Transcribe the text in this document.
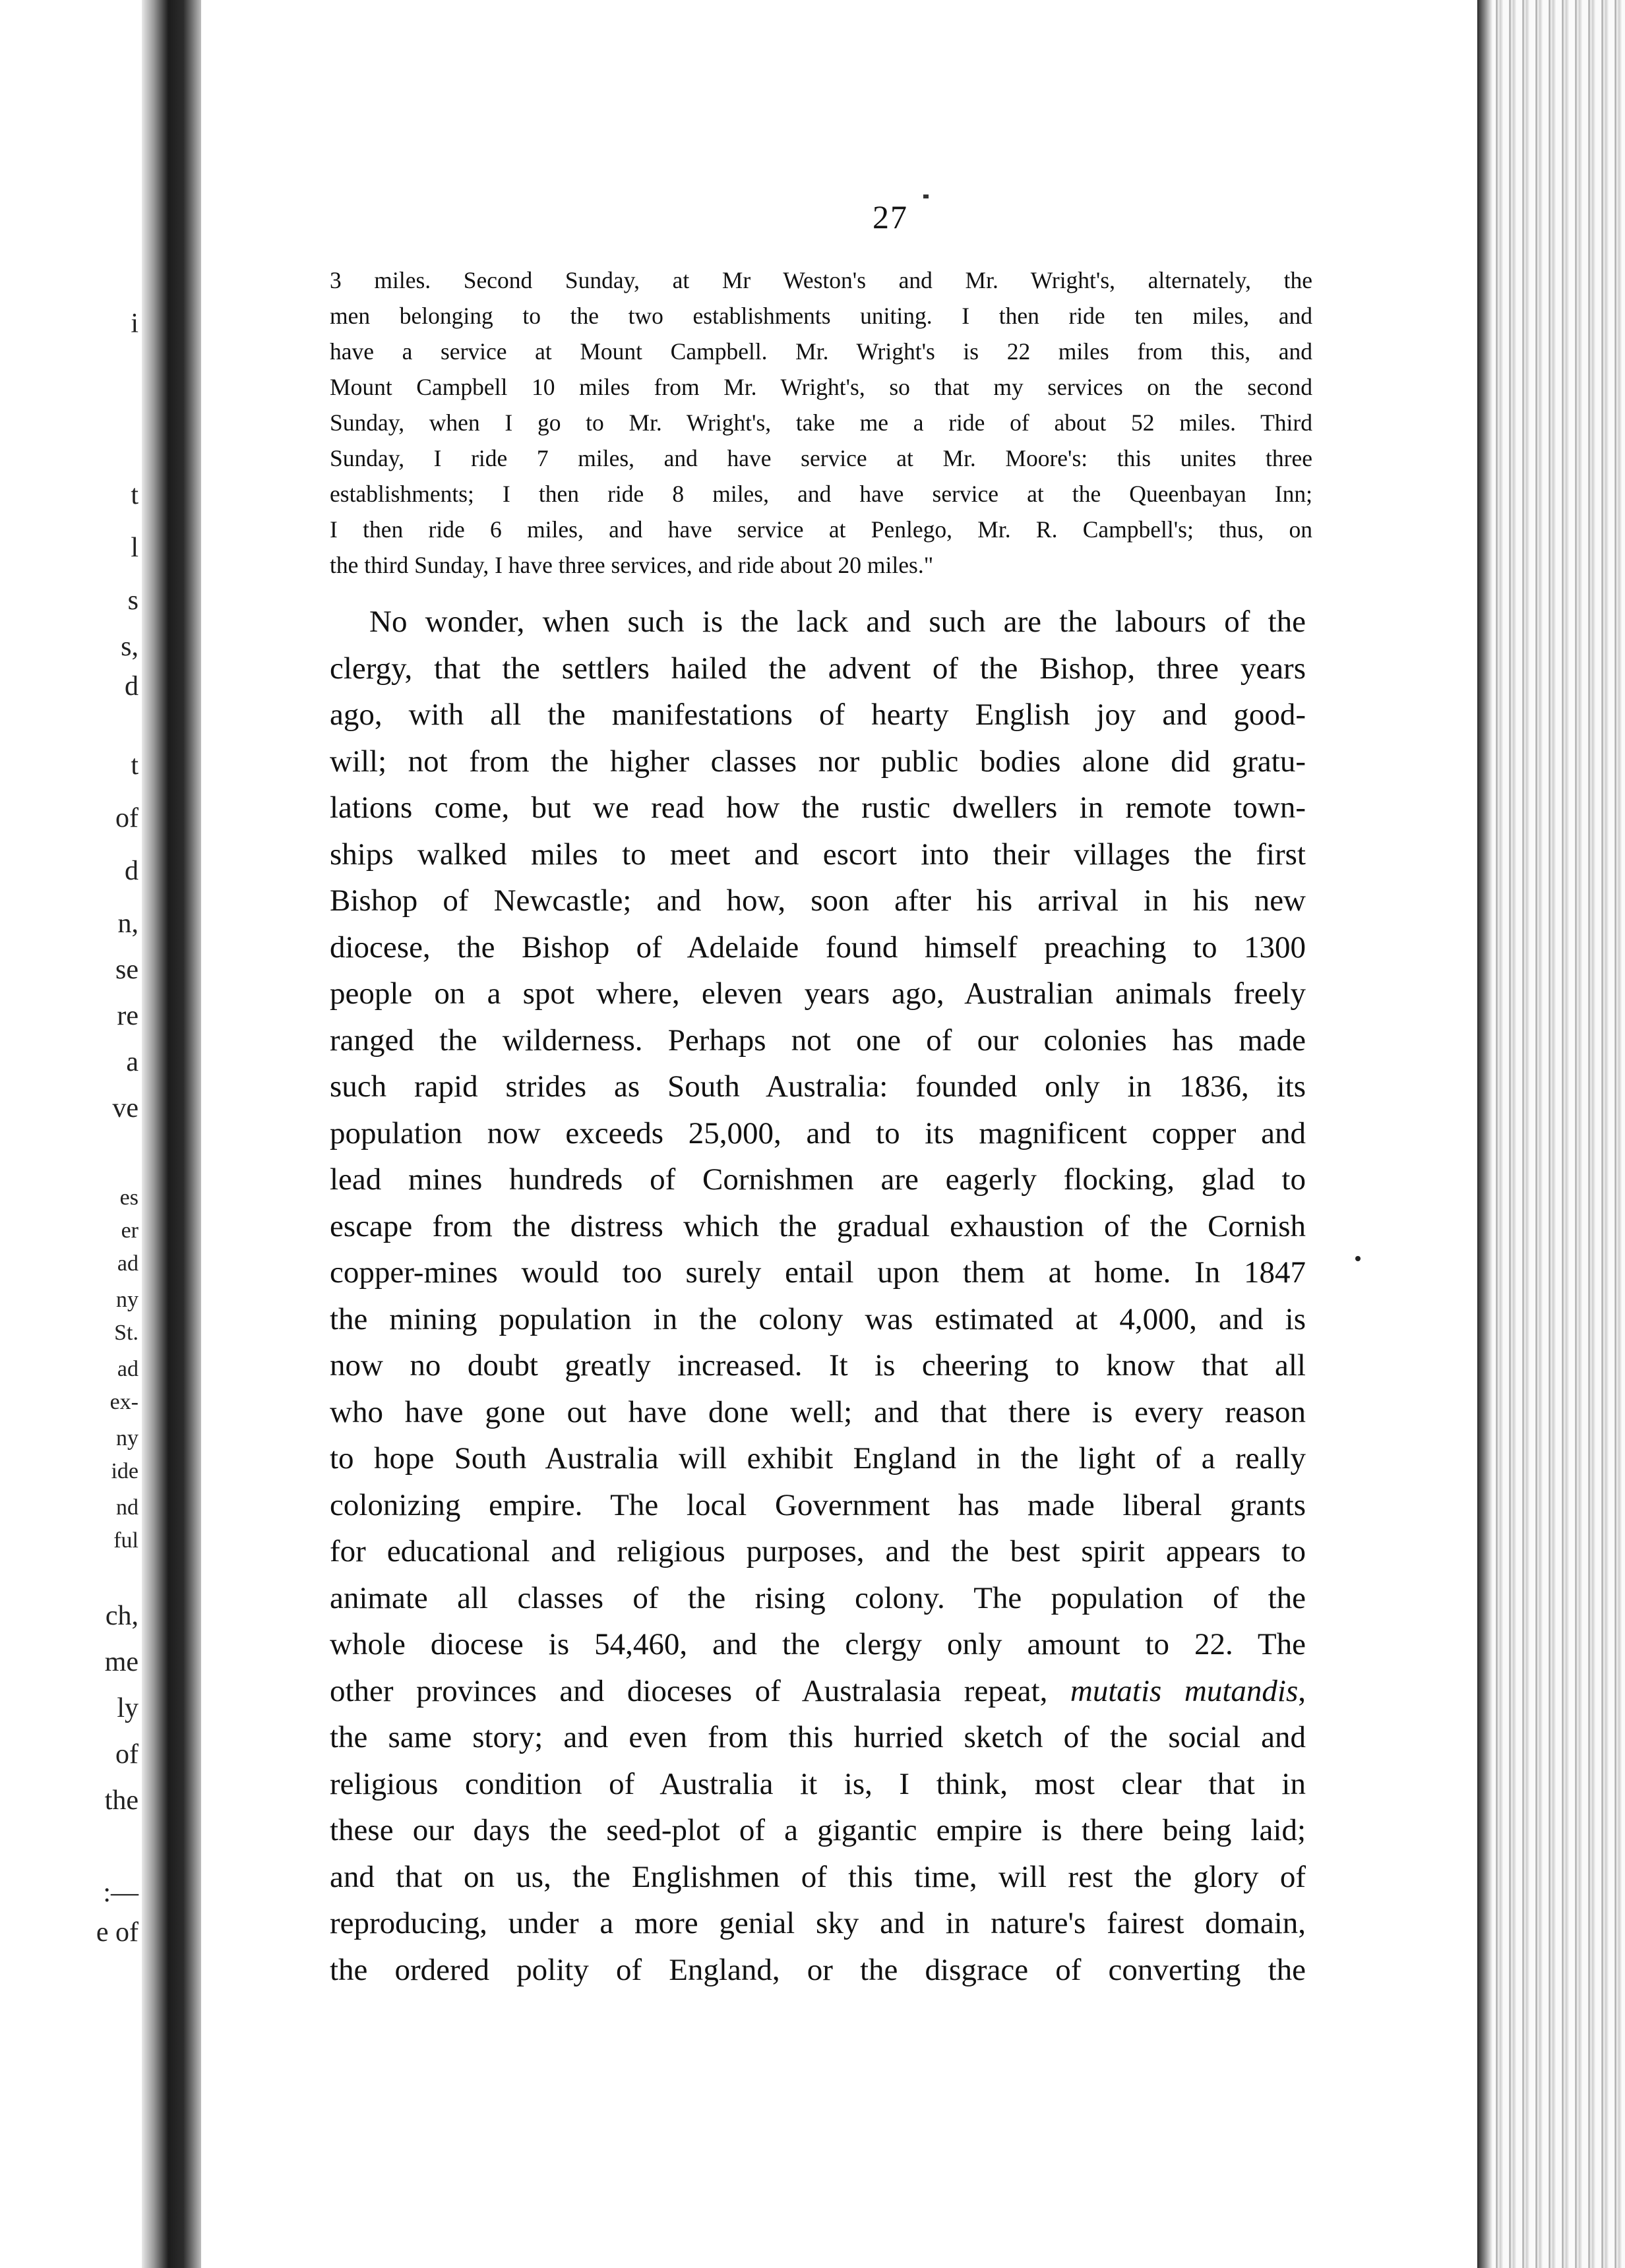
i
t
l
s
s,
d
t
of
d
n,
se
re
a
ve
es
er
ad
ny
St.
ad
ex-
ny
ide
nd
ful
ch,
me
ly
of
the
:—
e of
27
3 miles. Second Sunday, at Mr Weston's and Mr. Wright's, alternately, the
men belonging to the two establishments uniting. I then ride ten miles, and
have a service at Mount Campbell. Mr. Wright's is 22 miles from this, and
Mount Campbell 10 miles from Mr. Wright's, so that my services on the second
Sunday, when I go to Mr. Wright's, take me a ride of about 52 miles. Third
Sunday, I ride 7 miles, and have service at Mr. Moore's: this unites three
establishments; I then ride 8 miles, and have service at the Queenbayan Inn;
I then ride 6 miles, and have service at Penlego, Mr. R. Campbell's; thus, on
the third Sunday, I have three services, and ride about 20 miles."
No wonder, when such is the lack and such are the labours of the
clergy, that the settlers hailed the advent of the Bishop, three years
ago, with all the manifestations of hearty English joy and good-
will; not from the higher classes nor public bodies alone did gratu-
lations come, but we read how the rustic dwellers in remote town-
ships walked miles to meet and escort into their villages the first
Bishop of Newcastle; and how, soon after his arrival in his new
diocese, the Bishop of Adelaide found himself preaching to 1300
people on a spot where, eleven years ago, Australian animals freely
ranged the wilderness. Perhaps not one of our colonies has made
such rapid strides as South Australia: founded only in 1836, its
population now exceeds 25,000, and to its magnificent copper and
lead mines hundreds of Cornishmen are eagerly flocking, glad to
escape from the distress which the gradual exhaustion of the Cornish
copper-mines would too surely entail upon them at home. In 1847
the mining population in the colony was estimated at 4,000, and is
now no doubt greatly increased. It is cheering to know that all
who have gone out have done well; and that there is every reason
to hope South Australia will exhibit England in the light of a really
colonizing empire. The local Government has made liberal grants
for educational and religious purposes, and the best spirit appears to
animate all classes of the rising colony. The population of the
whole diocese is 54,460, and the clergy only amount to 22. The
other provinces and dioceses of Australasia repeat, mutatis mutandis,
the same story; and even from this hurried sketch of the social and
religious condition of Australia it is, I think, most clear that in
these our days the seed-plot of a gigantic empire is there being laid;
and that on us, the Englishmen of this time, will rest the glory of
reproducing, under a more genial sky and in nature's fairest domain,
the ordered polity of England, or the disgrace of converting the
